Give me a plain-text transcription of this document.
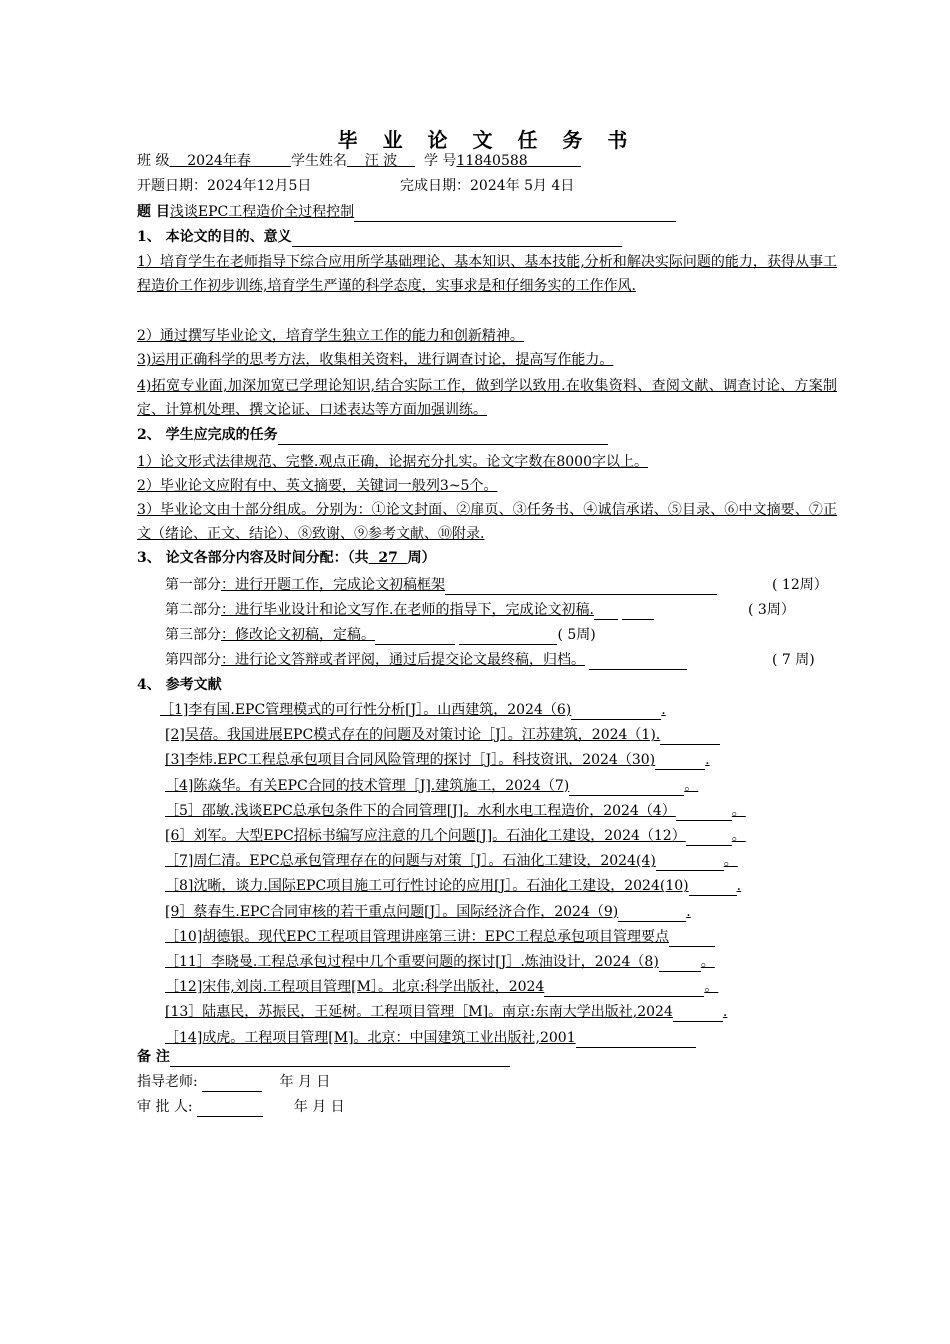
毕 业 论 文 任 务 书
班 级 2024年春	学生姓名 汪 波 学 号11840588
开题日期：2024年12月5日	完成日期：2024年 5月 4日
题 目浅谈EPC工程造价全过程控制
1、 本论文的目的、意义
1）培育学生在老师指导下综合应用所学基础理论、基本知识、基本技能,分析和解决实际问题的能力，获得从事工程造价工作初步训练,培育学生严谨的科学态度，实事求是和仔细务实的工作作风.
2）通过撰写毕业论文，培育学生独立工作的能力和创新精神。
3)运用正确科学的思考方法，收集相关资料，进行调查讨论，提高写作能力。
4)拓宽专业面,加深加宽已学理论知识,结合实际工作，做到学以致用.在收集资料、查阅文献、调查讨论、方案制定、计算机处理、撰文论证、口述表达等方面加强训练。
2、 学生应完成的任务
1）论文形式法律规范、完整.观点正确，论据充分扎实。论文字数在8000字以上。
2）毕业论文应附有中、英文摘要，关键词一般列3~5个。
3）毕业论文由十部分组成。分别为：①论文封面、②扉页、③任务书、④诚信承诺、⑤目录、⑥中文摘要、⑦正文（绪论、正文、结论）、⑧致谢、⑨参考文献、⑩附录.
3、 论文各部分内容及时间分配：（共 27 周）
第一部分：进行开题工作，完成论文初稿框架	( 12周）
第二部分：进行毕业设计和论文写作.在老师的指导下，完成论文初稿.	( 3周）
第三部分：修改论文初稿，定稿。	( 5周)
第四部分：进行论文答辩或者评阅，通过后提交论文最终稿，归档。	( 7 周)
4、 参考文献
［1]李有国.EPC管理模式的可行性分析[J］。山西建筑，2024（6)	.
[2]吴蓓。我国进展EPC模式存在的问题及对策讨论［J］。江苏建筑，2024（1).
[3]李炜.EPC工程总承包项目合同风险管理的探讨［J］。科技资讯，2024（30)	.
［4]陈焱华。有关EPC合同的技术管理［J].建筑施工，2024（7)	。
［5］邵敏.浅谈EPC总承包条件下的合同管理[J]。水利水电工程造价，2024（4）	。
[6］刘军。大型EPC招标书编写应注意的几个问题[J]。石油化工建设，2024（12）	。
［7]周仁清。EPC总承包管理存在的问题与对策［J］。石油化工建设，2024(4)	。
［8]沈晰，谈力.国际EPC项目施工可行性讨论的应用[J］。石油化工建设，2024(10)	.
[9］蔡春生.EPC合同审核的若干重点问题[J］。国际经济合作，2024（9)	.
［10]胡德银。现代EPC工程项目管理讲座第三讲：EPC工程总承包项目管理要点
［11］李晓曼.工程总承包过程中几个重要问题的探讨[J］.炼油设计，2024（8)	。
［12]宋伟,刘岗.工程项目管理[M］。北京:科学出版社，2024	。
[13］陆惠民，苏振民，王延树。工程项目管理［M]。南京:东南大学出版社,2024	.
［14]成虎。工程项目管理[M]。北京：中国建筑工业出版社,2001
备 注
指导老师:	年 月 日
审 批 人:	年 月 日
